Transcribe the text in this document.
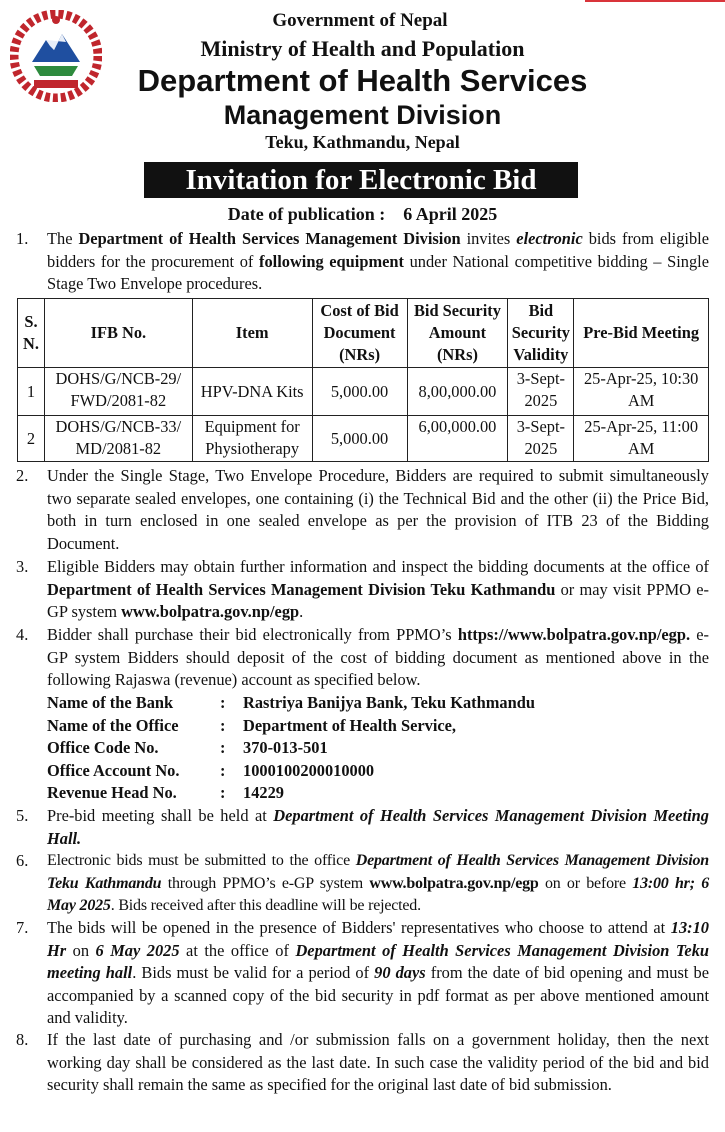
Government of Nepal
Ministry of Health and Population
Department of Health Services
Management Division
Teku, Kathmandu, Nepal
Invitation for Electronic Bid
Date of publication : 6 April 2025
1. The Department of Health Services Management Division invites electronic bids from eligible bidders for the procurement of following equipment under National competitive bidding – Single Stage Two Envelope procedures.
S. N.	IFB No.	Item	Cost of Bid Document (NRs)	Bid Security Amount (NRs)	Bid Security Validity	Pre-Bid Meeting
1	DOHS/G/NCB-29/ FWD/2081-82	HPV-DNA Kits	5,000.00	8,00,000.00	3-Sept- 2025	25-Apr-25, 10:30 AM
2	DOHS/G/NCB-33/ MD/2081-82	Equipment for Physiotherapy	5,000.00	6,00,000.00	3-Sept- 2025	25-Apr-25, 11:00 AM
2. Under the Single Stage, Two Envelope Procedure, Bidders are required to submit simultaneously two separate sealed envelopes, one containing (i) the Technical Bid and the other (ii) the Price Bid, both in turn enclosed in one sealed envelope as per the provision of ITB 23 of the Bidding Document.
3. Eligible Bidders may obtain further information and inspect the bidding documents at the office of Department of Health Services Management Division Teku Kathmandu or may visit PPMO e-GP system www.bolpatra.gov.np/egp.
4. Bidder shall purchase their bid electronically from PPMO’s https://www.bolpatra.gov.np/egp. e-GP system Bidders should deposit of the cost of bidding document as mentioned above in the following Rajaswa (revenue) account as specified below.
Name of the Bank	: Rastriya Banijya Bank, Teku Kathmandu
Name of the Office	: Department of Health Service,
Office Code No.	: 370-013-501
Office Account No. : 1000100200010000
Revenue Head No.	: 14229
5. Pre-bid meeting shall be held at Department of Health Services Management Division Meeting Hall.
6. Electronic bids must be submitted to the office Department of Health Services Management Division Teku Kathmandu through PPMO’s e-GP system www.bolpatra.gov.np/egp on or before 13:00 hr; 6 May 2025. Bids received after this deadline will be rejected.
7. The bids will be opened in the presence of Bidders' representatives who choose to attend at 13:10 Hr on 6 May 2025 at the office of Department of Health Services Management Division Teku meeting hall. Bids must be valid for a period of 90 days from the date of bid opening and must be accompanied by a scanned copy of the bid security in pdf format as per above mentioned amount and validity.
8. If the last date of purchasing and /or submission falls on a government holiday, then the next working day shall be considered as the last date. In such case the validity period of the bid and bid security shall remain the same as specified for the original last date of bid submission.
